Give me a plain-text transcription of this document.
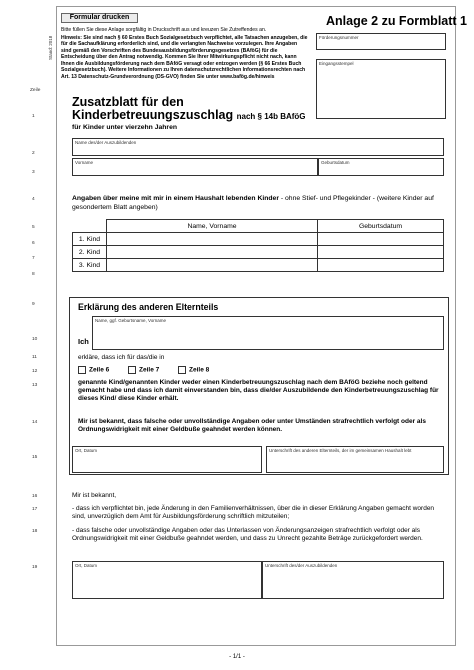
Formular drucken
Stand: 2018
Bitte füllen Sie diese Anlage sorgfältig in Druckschrift aus und kreuzen Sie Zutreffendes an.
Hinweis: Sie sind nach § 60 Erstes Buch Sozialgesetzbuch verpflichtet, alle Tatsachen anzugeben, die für die Sachaufklärung erforderlich sind, und die verlangten Nachweise vorzulegen. Ihre Angaben sind gemäß den Vorschriften des Bundesausbildungsförderungsgesetzes (BAföG) für die Entscheidung über den Antrag notwendig. Kommen Sie Ihrer Mitwirkungspflicht nicht nach, kann Ihnen die Ausbildungsförderung nach dem BAföG versagt oder entzogen werden (§ 66 Erstes Buch Sozialgesetzbuch). Weitere Informationen zu Ihren datenschutzrechtlichen Informationsrechten nach Art. 13 Datenschutz-Grundverordnung (DS-GVO) finden Sie unter www.bafög.de/hinweis
Anlage 2 zu Formblatt 1
Förderungsnummer
Eingangsstempel
Zeile
Zusatzblatt für den
Kinderbetreuungszuschlag nach § 14b BAföG
für Kinder unter vierzehn Jahren
1
2
3
4
5
6
7
8
9
10
11
12
13
14
15
16
17
18
19
Name des/der Auszubildenden
Vorname	Geburtsdatum
Angaben über meine mit mir in einem Haushalt lebenden Kinder - ohne Stief- und Pflegekinder - (weitere Kinder auf gesondertem Blatt angeben)
	Name, Vorname	Geburtsdatum
1. Kind		
2. Kind		
3. Kind		
Erklärung des anderen Elternteils
Name, ggf. Geburtsname, Vorname
Ich
erkläre, dass ich für das/die in
Zeile 6	Zeile 7	Zeile 8
genannte Kind/genannten Kinder weder einen Kinderbetreuungszuschlag nach dem BAföG beziehe noch geltend gemacht habe und dass ich damit einverstanden bin, dass die/der Auszubildende den Kinderbetreuungszuschlag für dieses Kind/ diese Kinder erhält.
Mir ist bekannt, dass falsche oder unvollständige Angaben oder unter Umständen strafrechtlich verfolgt oder als Ordnungswidrigkeit mit einer Geldbuße geahndet werden können.
Ort, Datum	Unterschrift des anderen Elternteils, der im gemeinsamen Haushalt lebt
Mir ist bekannt,
- dass ich verpflichtet bin, jede Änderung in den Familienverhältnissen, über die in dieser Erklärung Angaben gemacht worden sind, unverzüglich dem Amt für Ausbildungsförderung schriftlich mitzuteilen;
- dass falsche oder unvollständige Angaben oder das Unterlassen von Änderungsanzeigen strafrechtlich verfolgt oder als Ordnungswidrigkeit mit einer Geldbuße geahndet werden, und dass zu Unrecht gezahlte Beträge zurückgefordert werden.
Ort, Datum	Unterschrift des/der Auszubildenden
- 1/1 -
